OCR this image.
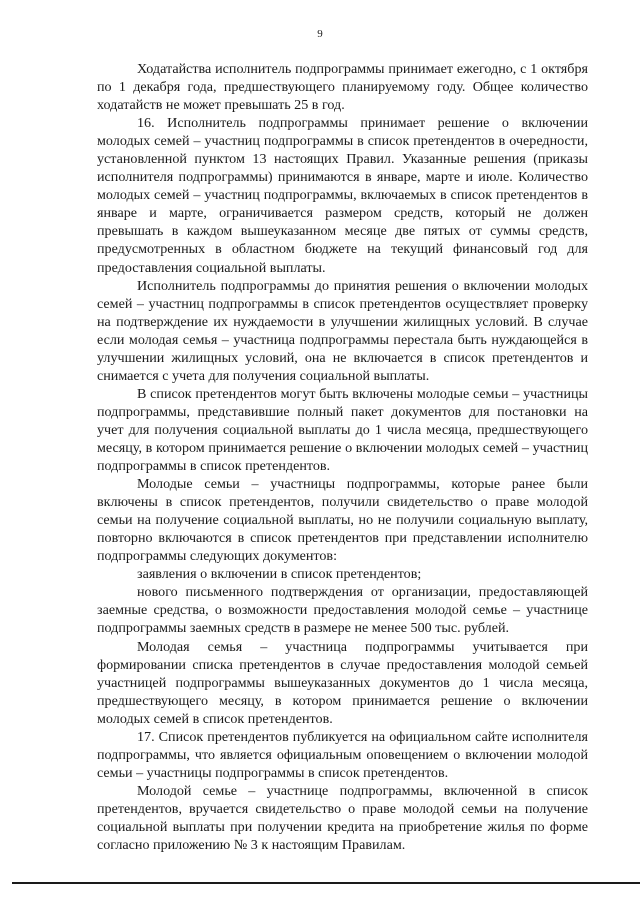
9

Ходатайства исполнитель подпрограммы принимает ежегодно, с 1 октября по 1 декабря года, предшествующего планируемому году. Общее количество ходатайств не может превышать 25 в год.

16. Исполнитель подпрограммы принимает решение о включении молодых семей – участниц подпрограммы в список претендентов в очередности, установленной пунктом 13 настоящих Правил. Указанные решения (приказы исполнителя подпрограммы) принимаются в январе, марте и июле. Количество молодых семей – участниц подпрограммы, включаемых в список претендентов в январе и марте, ограничивается размером средств, который не должен превышать в каждом вышеуказанном месяце две пятых от суммы средств, предусмотренных в областном бюджете на текущий финансовый год для предоставления социальной выплаты.

Исполнитель подпрограммы до принятия решения о включении молодых семей – участниц подпрограммы в список претендентов осуществляет проверку на подтверждение их нуждаемости в улучшении жилищных условий. В случае если молодая семья – участница подпрограммы перестала быть нуждающейся в улучшении жилищных условий, она не включается в список претендентов и снимается с учета для получения социальной выплаты.

В список претендентов могут быть включены молодые семьи – участницы подпрограммы, представившие полный пакет документов для постановки на учет для получения социальной выплаты до 1 числа месяца, предшествующего месяцу, в котором принимается решение о включении молодых семей – участниц подпрограммы в список претендентов.

Молодые семьи – участницы подпрограммы, которые ранее были включены в список претендентов, получили свидетельство о праве молодой семьи на получение социальной выплаты, но не получили социальную выплату, повторно включаются в список претендентов при представлении исполнителю подпрограммы следующих документов:

заявления о включении в список претендентов;

нового письменного подтверждения от организации, предоставляющей заемные средства, о возможности предоставления молодой семье – участнице подпрограммы заемных средств в размере не менее 500 тыс. рублей.

Молодая семья – участница подпрограммы учитывается при формировании списка претендентов в случае предоставления молодой семьей участницей подпрограммы вышеуказанных документов до 1 числа месяца, предшествующего месяцу, в котором принимается решение о включении молодых семей в список претендентов.

17. Список претендентов публикуется на официальном сайте исполнителя подпрограммы, что является официальным оповещением о включении молодой семьи – участницы подпрограммы в список претендентов.

Молодой семье – участнице подпрограммы, включенной в список претендентов, вручается свидетельство о праве молодой семьи на получение социальной выплаты при получении кредита на приобретение жилья по форме согласно приложению № 3 к настоящим Правилам.
